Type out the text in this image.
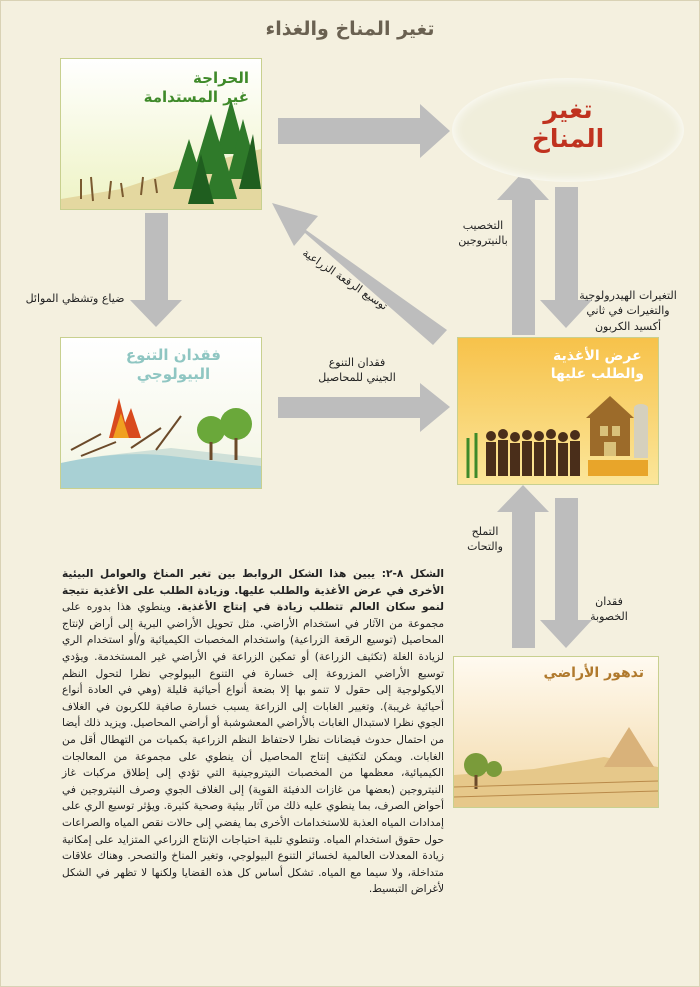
تغير المناخ والغذاء
الحراجة
غير المستدامة	تغير
المناخ
فقدان التنوع
البيولوجي
عرض الأغذية
والطلب عليها
تدهور الأراضي
ضياع وتشظي الموائل	توسيع الرقعة الزراعية
التخصيب
بالنيتروجين
التغيرات الهيدرولوجية
والتغيرات في ثاني
أكسيد الكربون
فقدان التنوع
الجيني للمحاصيل
التملح
والتحات
فقدان
الخصوبة
الشكل ٨-٢: يبين هذا الشكل الروابط بين تغير المناخ والعوامل البيئية الأخرى في عرض الأغذية والطلب عليها. وزيادة الطلب على الأغذية نتيجة لنمو سكان العالم تتطلب زيادة في إنتاج الأغذية. وينطوي هذا بدوره على مجموعة من الآثار في استخدام الأراضي. مثل تحويل الأراضي البرية إلى أراض لإنتاج المحاصيل (توسيع الرقعة الزراعية) واستخدام المخصبات الكيميائية و/أو استخدام الري لزيادة الغلة (تكثيف الزراعة) أو تمكين الزراعة في الأراضي غير المستخدمة. ويؤدي توسيع الأراضي المزروعة إلى خسارة في التنوع البيولوجي نظرا لتحول النظم الايكولوجية إلى حقول لا تنمو بها إلا بضعة أنواع أحيائية قليلة (وهي في العادة أنواع أحيائية غريبة). وتغيير الغابات إلى الزراعة يسبب خسارة صافية للكربون في الغلاف الجوي نظرا لاستبدال الغابات بالأراضي المعشوشبة أو أراضي المحاصيل. ويزيد ذلك أيضا من احتمال حدوث فيضانات نظرا لاحتفاظ النظم الزراعية بكميات من التهطال أقل من الغابات. ويمكن لتكثيف إنتاج المحاصيل أن ينطوي على مجموعة من المعالجات الكيميائية، معظمها من المخصبات النيتروجينية التي تؤدي إلى إطلاق مركبات غاز النيتروجين (بعضها من غازات الدفيئة القوية) إلى الغلاف الجوي وصرف النيتروجين في أحواض الصرف، بما ينطوي عليه ذلك من آثار بيئية وصحية كثيرة. ويؤثر توسيع الري على إمدادات المياه العذبة للاستخدامات الأخرى بما يفضي إلى حالات نقص المياه والصراعات حول حقوق استخدام المياه. وتنطوي تلبية احتياجات الإنتاج الزراعي المتزايد على إمكانية زيادة المعدلات العالمية لخسائر التنوع البيولوجي، وتغير المناخ والتصحر. وهناك علاقات متداخلة، ولا سيما مع المياه. تشكل أساس كل هذه القضايا ولكنها لا تظهر في الشكل لأغراض التبسيط.
